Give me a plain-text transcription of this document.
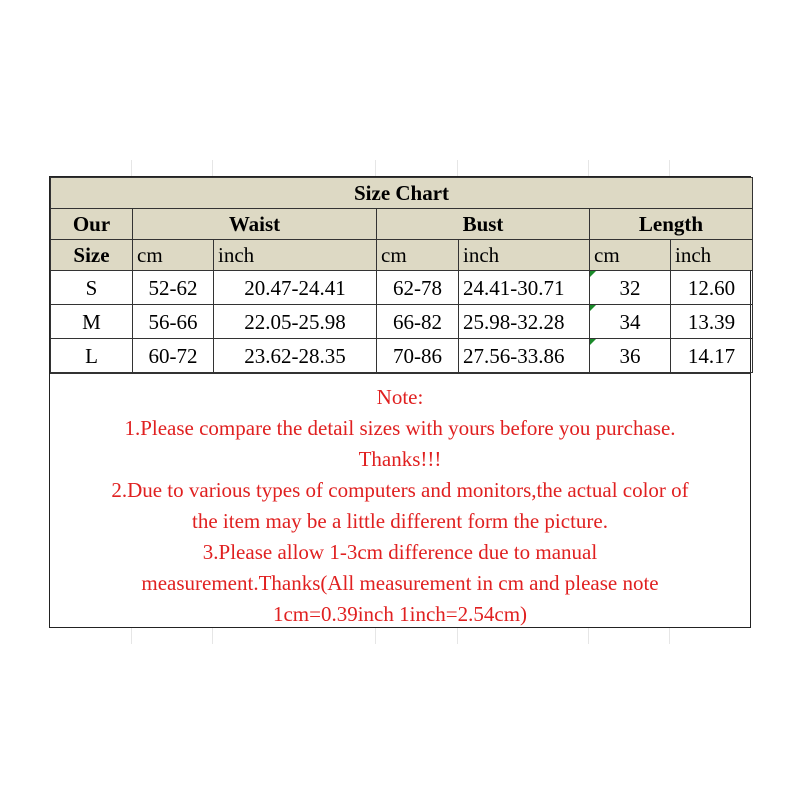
Size Chart						
Our	Waist		Bust		Length	
Size	cm	inch	cm	inch	cm	inch
S	52-62	20.47-24.41	62-78	24.41-30.71	32	12.60
M	56-66	22.05-25.98	66-82	25.98-32.28	34	13.39
L	60-72	23.62-28.35	70-86	27.56-33.86	36	14.17
Note:
1.Please compare the detail sizes with yours before you purchase.
Thanks!!!
2.Due to various types of computers and monitors,the actual color of
the item may be a little different form the picture.
3.Please allow 1-3cm difference due to manual
measurement.Thanks(All measurement in cm and please note
1cm=0.39inch 1inch=2.54cm)
